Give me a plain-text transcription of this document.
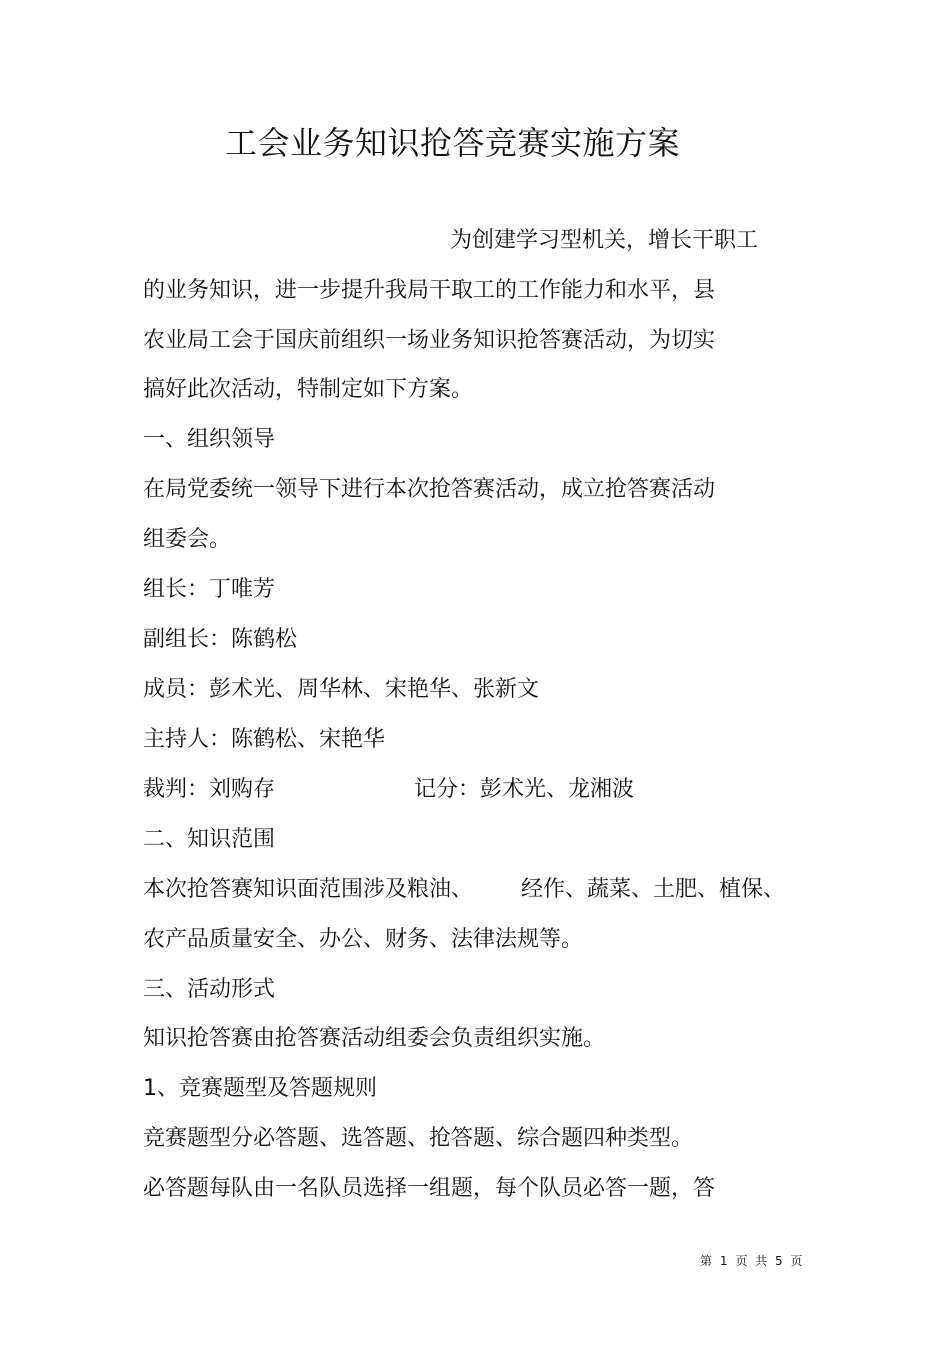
工会业务知识抢答竞赛实施方案
为创建学习型机关，增长干职工
的业务知识，进一步提升我局干取工的工作能力和水平，县
农业局工会于国庆前组织一场业务知识抢答赛活动，为切实
搞好此次活动，特制定如下方案。
一、组织领导
在局党委统一领导下进行本次抢答赛活动，成立抢答赛活动
组委会。
组长：丁唯芳
副组长：陈鹤松
成员：彭术光、周华林、宋艳华、张新文
主持人：陈鹤松、宋艳华
裁判：刘购存	记分：彭术光、龙湘波
二、知识范围
本次抢答赛知识面范围涉及粮油、 经作、蔬菜、土肥、植保、
农产品质量安全、办公、财务、法律法规等。
三、活动形式
知识抢答赛由抢答赛活动组委会负责组织实施。
1、竞赛题型及答题规则
竞赛题型分必答题、选答题、抢答题、综合题四种类型。
必答题每队由一名队员选择一组题，每个队员必答一题，答
第 1 页 共 5 页
